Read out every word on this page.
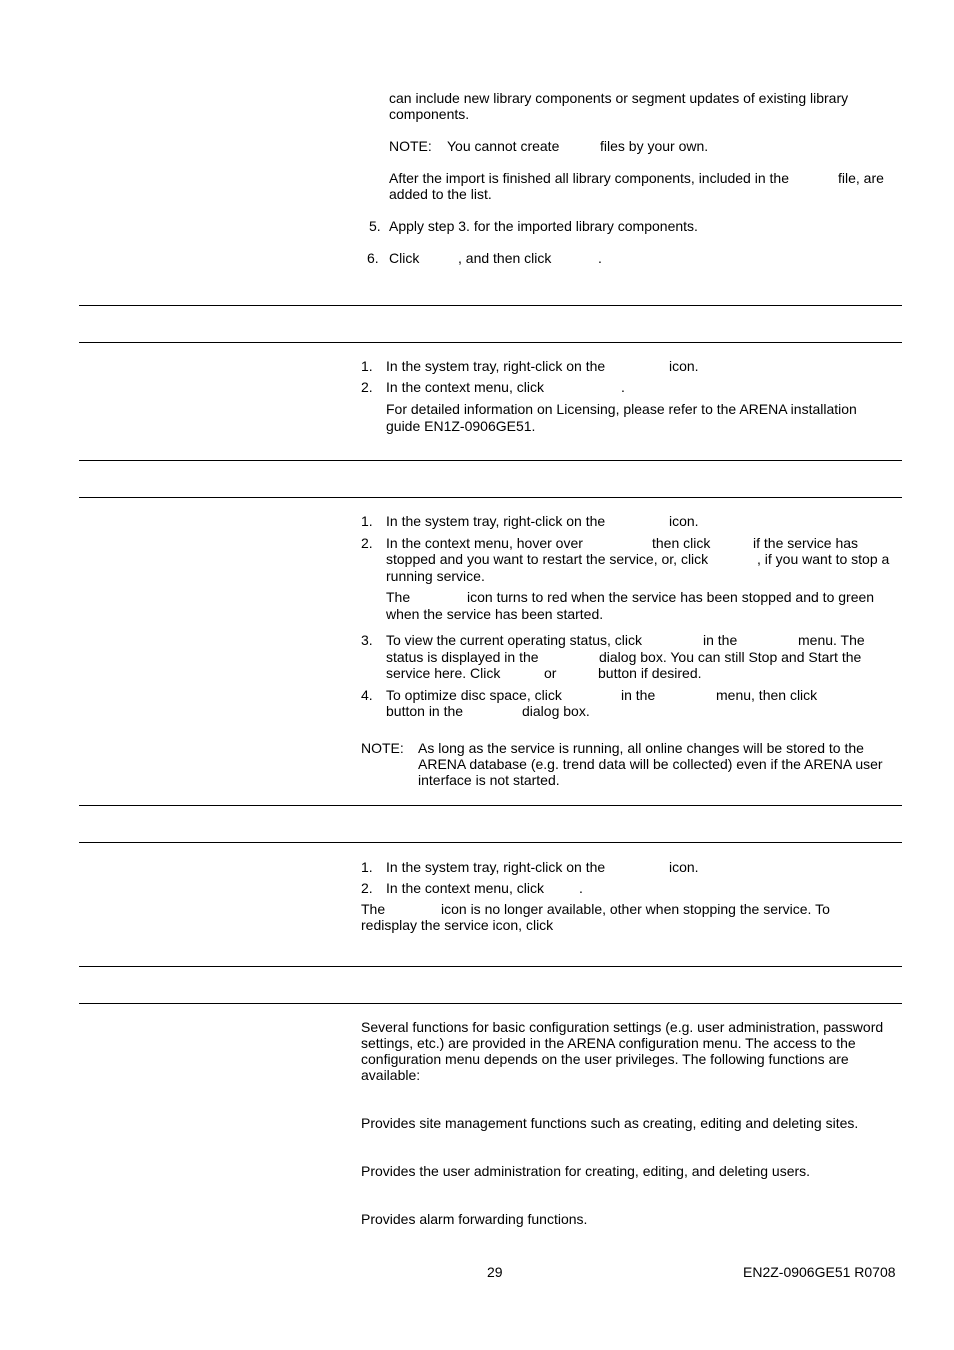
can include new library components or segment updates of existing library
components.
NOTE: You cannot create	files by your own.
After the import is finished all library components, included in the	file, are
added to the list.
5. Apply step 3. for the imported library components.
6. Click	, and then click	.
1. In the system tray, right-click on the	icon.
2. In the context menu, click	.
For detailed information on Licensing, please refer to the ARENA installation
guide EN1Z-0906GE51.
1. In the system tray, right-click on the	icon.
2. In the context menu, hover over	then click	if the service has
stopped and you want to restart the service, or, click	, if you want to stop a
running service.
The	icon turns to red when the service has been stopped and to green
when the service has been started.
3. To view the current operating status, click	in the	menu. The
status is displayed in the	dialog box. You can still Stop and Start the
service here. Click	or	button if desired.
4. To optimize disc space, click	in the	menu, then click
button in the	dialog box.
NOTE: As long as the service is running, all online changes will be stored to the
ARENA database (e.g. trend data will be collected) even if the ARENA user
interface is not started.
1. In the system tray, right-click on the	icon.
2. In the context menu, click	.
The	icon is no longer available, other when stopping the service. To
redisplay the service icon, click
Several functions for basic configuration settings (e.g. user administration, password
settings, etc.) are provided in the ARENA configuration menu. The access to the
configuration menu depends on the user privileges. The following functions are
available:
Provides site management functions such as creating, editing and deleting sites.
Provides the user administration for creating, editing, and deleting users.
Provides alarm forwarding functions.
29	EN2Z-0906GE51 R0708
